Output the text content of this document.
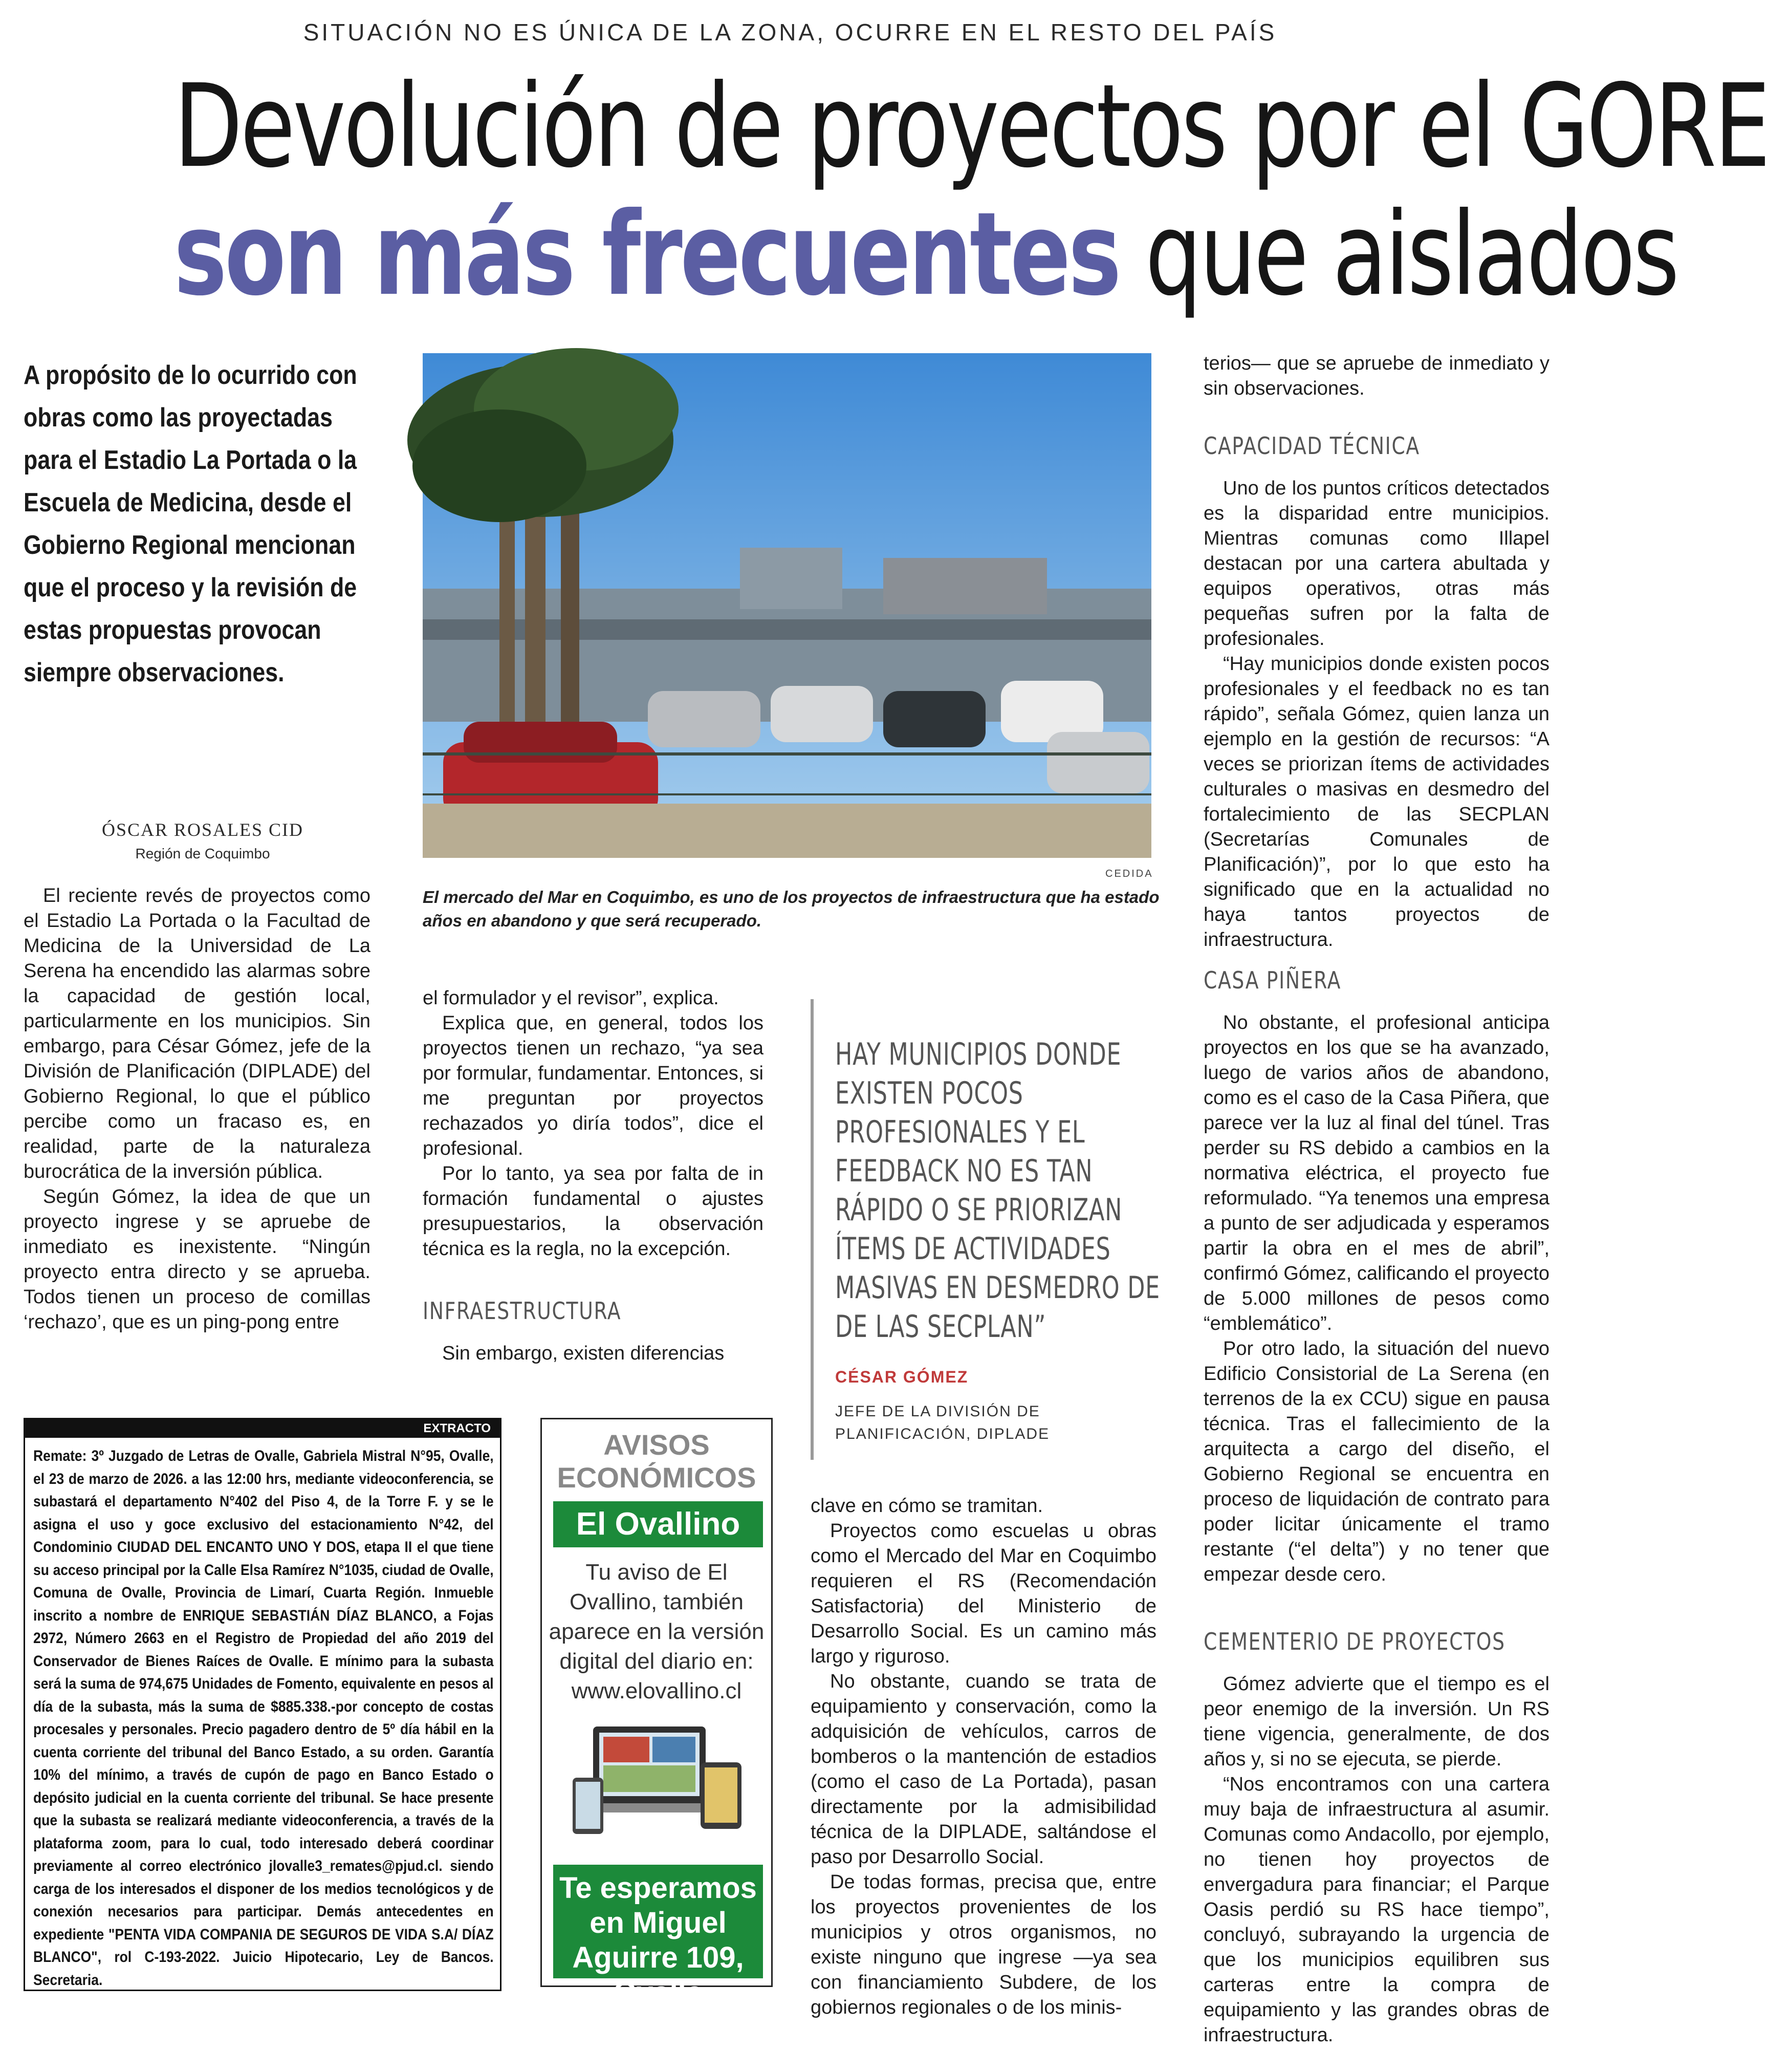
SITUACIÓN NO ES ÚNICA DE LA ZONA, OCURRE EN EL RESTO DEL PAÍS
Devolución de proyectos por el GORE
son más frecuentes que aislados
A propósito de lo ocurrido con obras como las proyectadas para el Estadio La Portada o la Escuela de Medicina, desde el Gobierno Regional mencionan que el proceso y la revisión de estas propuestas provocan siempre observaciones.
ÓSCAR ROSALES CID
Región de Coquimbo
CEDIDA
El mercado del Mar en Coquimbo, es uno de los proyectos de infraestructura que ha estado años en abandono y que será recuperado.

El reciente revés de proyectos como el Estadio La Portada o la Facultad de Medicina de la Universidad de La Serena ha encendido las alarmas sobre la capacidad de gestión local, particularmente en los municipios. Sin embargo, para César Gómez, jefe de la División de Planificación (DIPLADE) del Gobierno Regional, lo que el público percibe como un fracaso es, en realidad, parte de la naturaleza burocrática de la inversión pública.

Según Gómez, la idea de que un proyecto ingrese y se apruebe de inmediato es inexistente. “Ningún proyecto entra directo y se aprueba. Todos tienen un proceso de comillas ‘rechazo’, que es un ping-pong entre

el formulador y el revisor”, explica.

Explica que, en general, todos los proyectos tienen un rechazo, “ya sea por formular, fundamentar. Entonces, si me preguntan por proyectos rechazados yo diría todos”, dice el profesional.

Por lo tanto, ya sea por falta de in formación fundamental o ajustes presupuestarios, la observación técnica es la regla, no la excepción.

INFRAESTRUCTURA

Sin embargo, existen diferencias

HAY MUNICIPIOS DONDE EXISTEN POCOS PROFESIONALES Y EL FEEDBACK NO ES TAN RÁPIDO O SE PRIORIZAN ÍTEMS DE ACTIVIDADES MASIVAS EN DESMEDRO DE DE LAS SECPLAN”
CÉSAR GÓMEZ
JEFE DE LA DIVISIÓN DE PLANIFICACIÓN, DIPLADE

clave en cómo se tramitan.

Proyectos como escuelas u obras como el Mercado del Mar en Coquimbo requieren el RS (Recomendación Satisfactoria) del Ministerio de Desarrollo Social. Es un camino más largo y riguroso.

No obstante, cuando se trata de equipamiento y conservación, como la adquisición de vehículos, carros de bomberos o la mantención de estadios (como el caso de La Portada), pasan directamente por la admisibilidad técnica de la DIPLADE, saltándose el paso por Desarrollo Social.

De todas formas, precisa que, entre los proyectos provenientes de los municipios y otros organismos, no existe ninguno que ingrese —ya sea con financiamiento Subdere, de los gobiernos regionales o de los minis-

terios— que se apruebe de inmediato y sin observaciones.

CAPACIDAD TÉCNICA

Uno de los puntos críticos detectados es la disparidad entre municipios. Mientras comunas como Illapel destacan por una cartera abultada y equipos operativos, otras más pequeñas sufren por la falta de profesionales.

“Hay municipios donde existen pocos profesionales y el feedback no es tan rápido”, señala Gómez, quien lanza un ejemplo en la gestión de recursos: “A veces se priorizan ítems de actividades culturales o masivas en desmedro del fortalecimiento de las SECPLAN (Secretarías Comunales de Planificación)”, por lo que esto ha significado que en la actualidad no haya tantos proyectos de infraestructura.

CASA PIÑERA

No obstante, el profesional anticipa proyectos en los que se ha avanzado, luego de varios años de abandono, como es el caso de la Casa Piñera, que parece ver la luz al final del túnel. Tras perder su RS debido a cambios en la normativa eléctrica, el proyecto fue reformulado. “Ya tenemos una empresa a punto de ser adjudicada y esperamos partir la obra en el mes de abril”, confirmó Gómez, calificando el proyecto de 5.000 millones de pesos como “emblemático”.

Por otro lado, la situación del nuevo Edificio Consistorial de La Serena (en terrenos de la ex CCU) sigue en pausa técnica. Tras el fallecimiento de la arquitecta a cargo del diseño, el Gobierno Regional se encuentra en proceso de liquidación de contrato para poder licitar únicamente el tramo restante (“el delta”) y no tener que empezar desde cero.

CEMENTERIO DE PROYECTOS

Gómez advierte que el tiempo es el peor enemigo de la inversión. Un RS tiene vigencia, generalmente, de dos años y, si no se ejecuta, se pierde.

“Nos encontramos con una cartera muy baja de infraestructura al asumir. Comunas como Andacollo, por ejemplo, no tienen hoy proyectos de envergadura para financiar; el Parque Oasis perdió su RS hace tiempo”, concluyó, subrayando la urgencia de que los municipios equilibren sus carteras entre la compra de equipamiento y las grandes obras de infraestructura.

EXTRACTO
Remate: 3º Juzgado de Letras de Ovalle, Gabriela Mistral N°95, Ovalle, el 23 de marzo de 2026. a las 12:00 hrs, mediante videoconferencia, se subastará el departamento N°402 del Piso 4, de la Torre F. y se le asigna el uso y goce exclusivo del estacionamiento N°42, del Condominio CIUDAD DEL ENCANTO UNO Y DOS, etapa II el que tiene su acceso principal por la Calle Elsa Ramírez N°1035, ciudad de Ovalle, Comuna de Ovalle, Provincia de Limarí, Cuarta Región. Inmueble inscrito a nombre de ENRIQUE SEBASTIÁN DÍAZ BLANCO, a Fojas 2972, Número 2663 en el Registro de Propiedad del año 2019 del Conservador de Bienes Raíces de Ovalle. E mínimo para la subasta será la suma de 974,675 Unidades de Fomento, equivalente en pesos al día de la subasta, más la suma de $885.338.-por concepto de costas procesales y personales. Precio pagadero dentro de 5º día hábil en la cuenta corriente del tribunal del Banco Estado, a su orden. Garantía 10% del mínimo, a través de cupón de pago en Banco Estado o depósito judicial en la cuenta corriente del tribunal. Se hace presente que la subasta se realizará mediante videoconferencia, a través de la plataforma zoom, para lo cual, todo interesado deberá coordinar previamente al correo electrónico jlovalle3_remates@pjud.cl. siendo carga de los interesados el disponer de los medios tecnológicos y de conexión necesarios para participar. Demás antecedentes en expediente "PENTA VIDA COMPANIA DE SEGUROS DE VIDA S.A/ DÍAZ BLANCO", rol C-193-2022. Juicio Hipotecario, Ley de Bancos. Secretaria.
AVISOS ECONÓMICOS
El Ovallino
Tu aviso de El Ovallino, también aparece en la versión digital del diario en:
www.elovallino.cl
Te esperamos en Miguel Aguirre 109, Ovalle
